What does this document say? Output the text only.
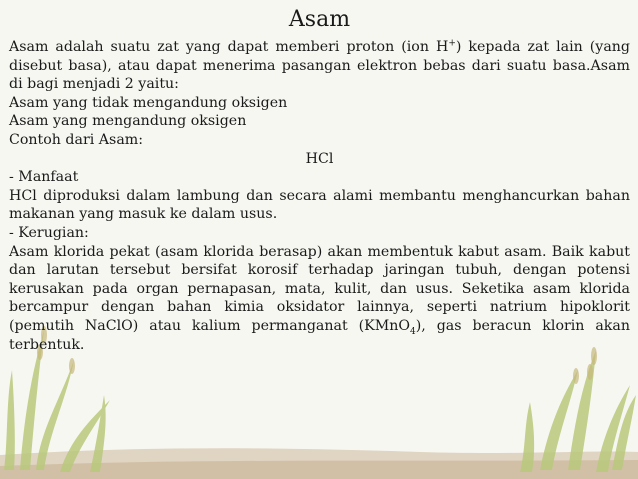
Asam

Asam adalah suatu zat yang dapat memberi proton (ion H+) kepada zat lain (yang disebut basa), atau dapat menerima pasangan elektron bebas dari suatu basa.Asam di bagi menjadi 2 yaitu:

Asam yang tidak mengandung oksigen

Asam yang mengandung oksigen

Contoh dari Asam:

HCl

- Manfaat

HCl diproduksi dalam lambung dan secara alami membantu menghancurkan bahan makanan yang masuk ke dalam usus.

- Kerugian:

Asam klorida pekat (asam klorida berasap) akan membentuk kabut asam. Baik kabut dan larutan tersebut bersifat korosif terhadap jaringan tubuh, dengan potensi kerusakan pada organ pernapasan, mata, kulit, dan usus. Seketika asam klorida bercampur dengan bahan kimia oksidator lainnya, seperti natrium hipoklorit (pemutih NaClO) atau kalium permanganat (KMnO$_4$), gas beracun klorin akan terbentuk.
